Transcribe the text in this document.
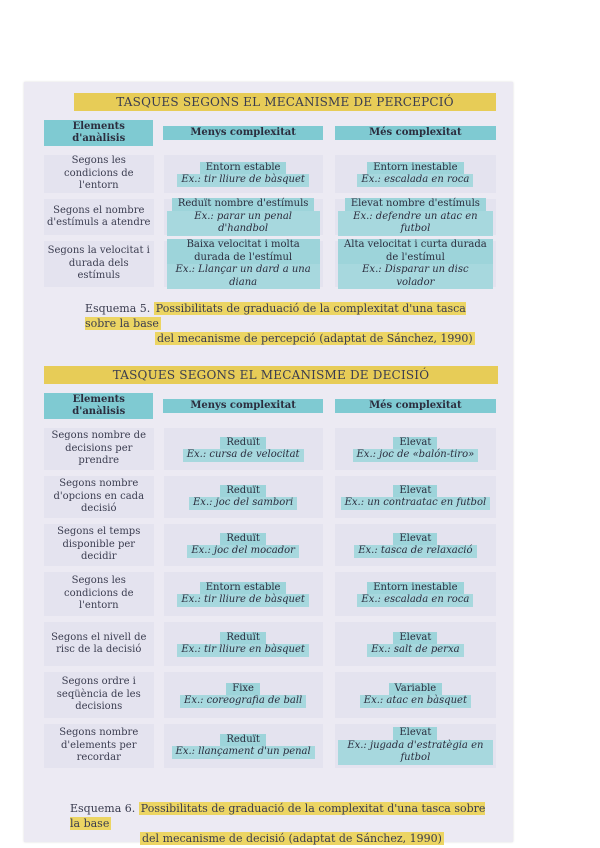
TASQUES SEGONS EL MECANISME DE PERCEPCIÓ
Elements d'anàlisis
Menys complexitat	Més complexitat
Segons les condicions de l'entorn
Entorn estable
Ex.: tir lliure de bàsquet
Entorn inestable
Ex.: escalada en roca
Segons el nombre d'estímuls a atendre
Reduït nombre d'estímuls
Ex.: parar un penal d'handbol
Elevat nombre d'estímuls
Ex.: defendre un atac en futbol
Segons la velocitat i durada dels estímuls
Baixa velocitat i molta durada de l'estímul
Ex.: Llançar un dard a una diana
Alta velocitat i curta durada de l'estímul
Ex.: Disparar un disc volador
Esquema 5. Possibilitats de graduació de la complexitat d'una tasca sobre la base
del mecanisme de percepció (adaptat de Sánchez, 1990)
TASQUES SEGONS EL MECANISME DE DECISIÓ
Elements d'anàlisis
Menys complexitat	Més complexitat
Segons nombre de decisions per prendre
Reduït
Ex.: cursa de velocitat
Elevat
Ex.: joc de «balón-tiro»
Segons nombre d'opcions en cada decisió
Reduït
Ex.: joc del sambori
Elevat
Ex.: un contraatac en futbol
Segons el temps disponible per decidir
Reduït
Ex.: joc del mocador
Elevat
Ex.: tasca de relaxació
Segons les condicions de l'entorn
Entorn estable
Ex.: tir lliure de bàsquet
Entorn inestable
Ex.: escalada en roca
Segons el nivell de risc de la decisió
Reduït
Ex.: tir lliure en bàsquet
Elevat
Ex.: salt de perxa
Segons ordre i seqüència de les decisions
Fixe
Ex.: coreografia de ball
Variable
Ex.: atac en bàsquet
Segons nombre d'elements per recordar
Reduït
Ex.: llançament d'un penal
Elevat
Ex.: jugada d'estratègia en futbol
Esquema 6. Possibilitats de graduació de la complexitat d'una tasca sobre la base
del mecanisme de decisió (adaptat de Sánchez, 1990)
